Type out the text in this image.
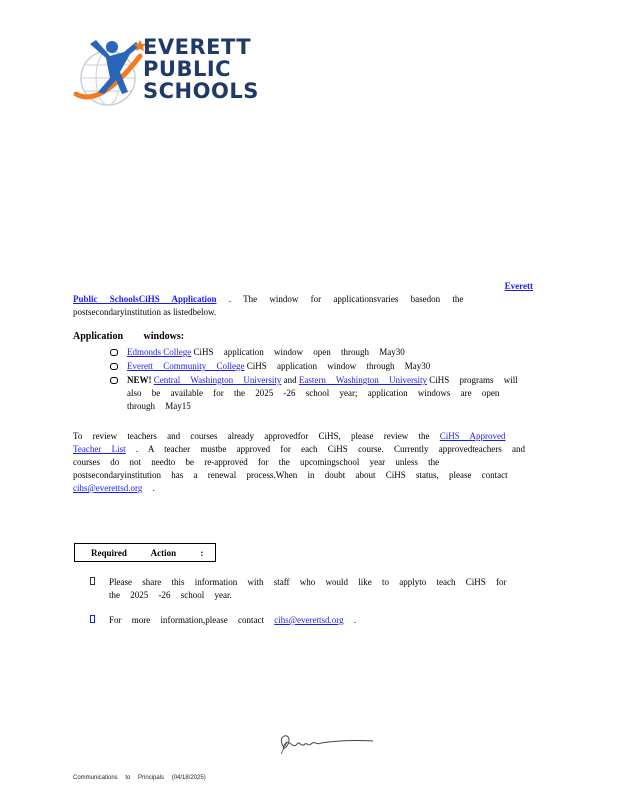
EVERETT
PUBLIC
SCHOOLS
Everett
Public SchoolsCiHS Application . The window for applicationsvaries basedon the
postsecondaryinstitution as listedbelow.
Application windows:
Edmonds College CiHS application window open through May30
Everett Community College CiHS application window through May30
NEW! Central Washington University and Eastern Washington University CiHS programs will also be available for the 2025 -26 school year; application windows are open through May15

To review teachers and courses already approvedfor CiHS, please review the CiHS Approved Teacher List . A teacher mustbe approved for each CiHS course. Currently approvedteachers and courses do not needto be re-approved for the upcomingschool year unless the postsecondaryinstitution has a renewal process.When in doubt about CiHS status, please contact cihs@everettsd.org .

Required Action :
Please share this information with staff who would like to applyto teach CiHS for the 2025 -26 school year.
For more information,please contact cihs@everettsd.org .
Communications to Principals (04/18/2025)
